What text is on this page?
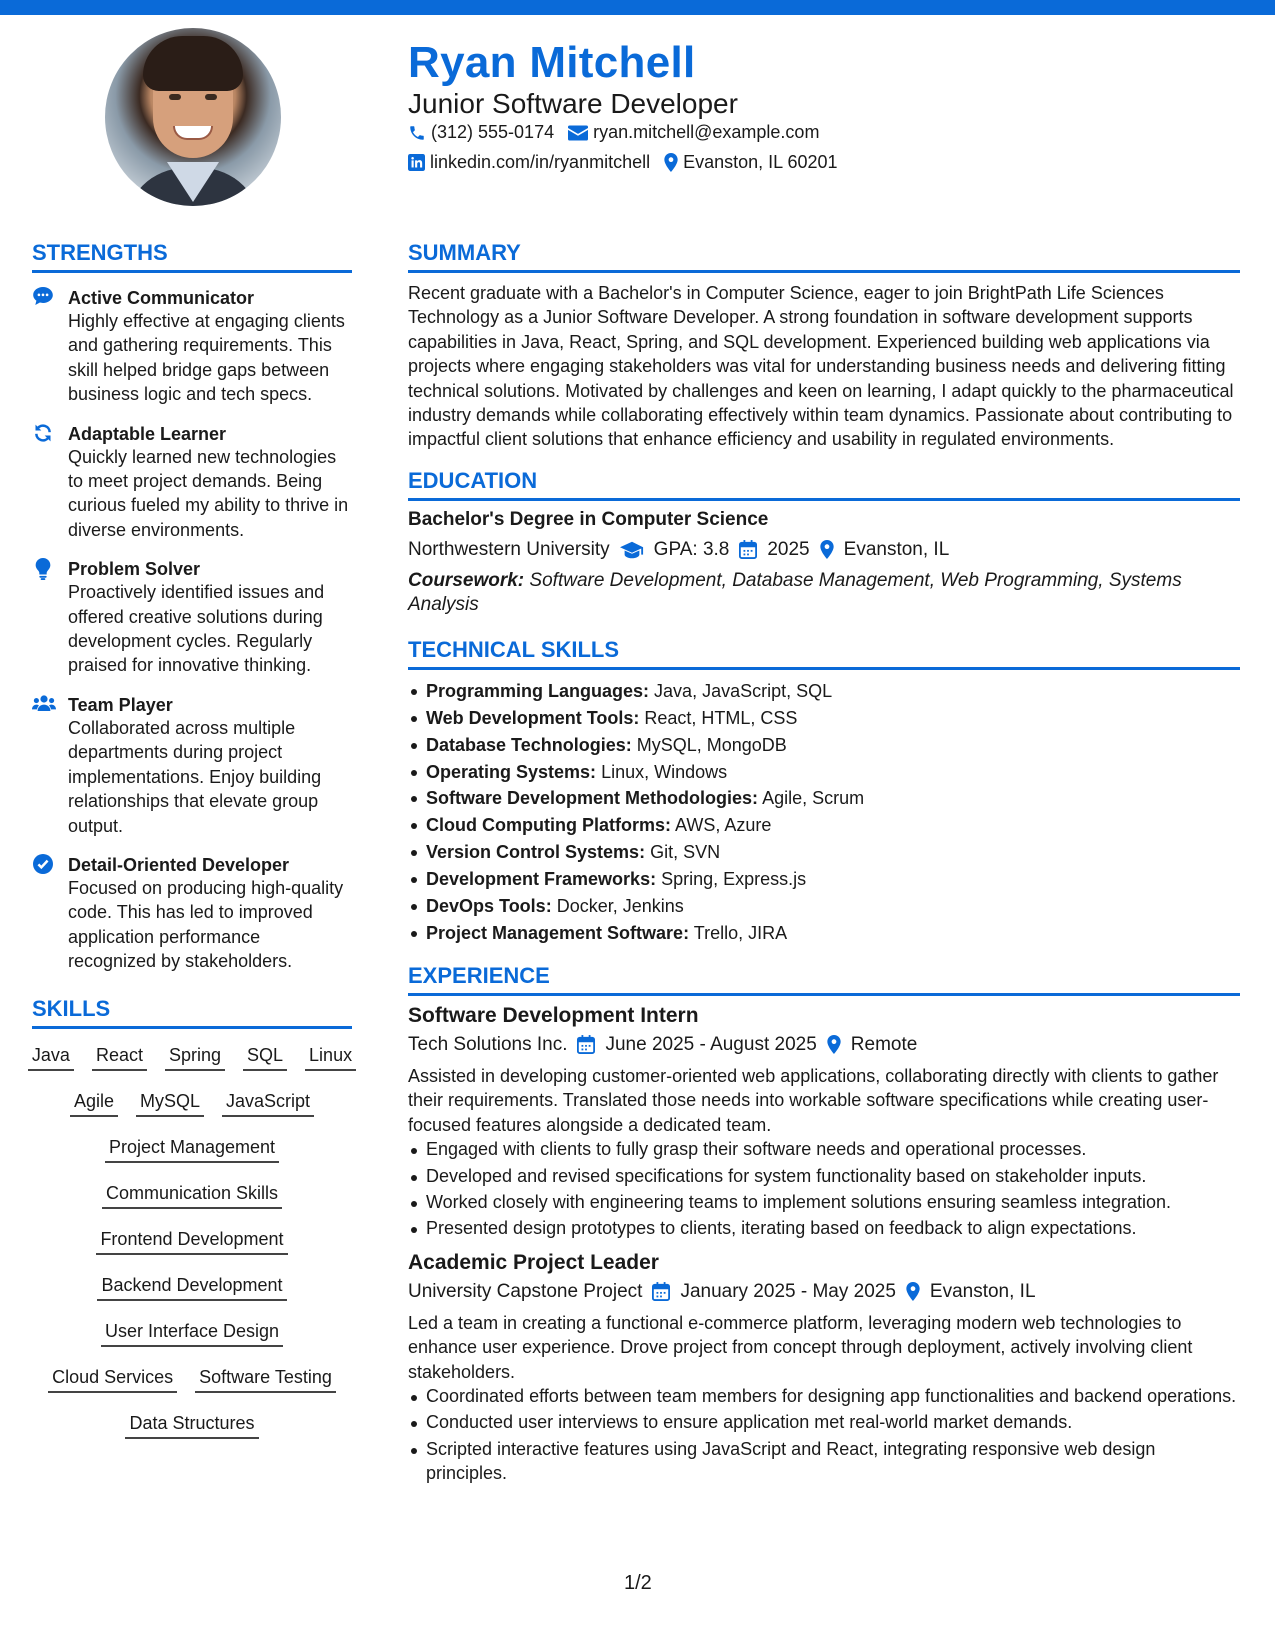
Ryan Mitchell
Junior Software Developer
(312) 555-0174 ryan.mitchell@example.com
linkedin.com/in/ryanmitchell Evanston, IL 60201
STRENGTHS
Active Communicator
Highly effective at engaging clients and gathering requirements. This skill helped bridge gaps between business logic and tech specs.
Adaptable Learner
Quickly learned new technologies to meet project demands. Being curious fueled my ability to thrive in diverse environments.
Problem Solver
Proactively identified issues and offered creative solutions during development cycles. Regularly praised for innovative thinking.
Team Player
Collaborated across multiple departments during project implementations. Enjoy building relationships that elevate group output.
Detail-Oriented Developer
Focused on producing high-quality code. This has led to improved application performance recognized by stakeholders.
SKILLS
Java React Spring SQL Linux
Agile MySQL JavaScript
Project Management
Communication Skills
Frontend Development
Backend Development
User Interface Design
Cloud Services Software Testing
Data Structures
SUMMARY
Recent graduate with a Bachelor's in Computer Science, eager to join BrightPath Life Sciences Technology as a Junior Software Developer. A strong foundation in software development supports capabilities in Java, React, Spring, and SQL development. Experienced building web applications via projects where engaging stakeholders was vital for understanding business needs and delivering fitting technical solutions. Motivated by challenges and keen on learning, I adapt quickly to the pharmaceutical industry demands while collaborating effectively within team dynamics. Passionate about contributing to impactful client solutions that enhance efficiency and usability in regulated environments.
EDUCATION
Bachelor's Degree in Computer Science
Northwestern University GPA: 3.8 2025 Evanston, IL
Coursework: Software Development, Database Management, Web Programming, Systems Analysis
TECHNICAL SKILLS
Programming Languages: Java, JavaScript, SQL
Web Development Tools: React, HTML, CSS
Database Technologies: MySQL, MongoDB
Operating Systems: Linux, Windows
Software Development Methodologies: Agile, Scrum
Cloud Computing Platforms: AWS, Azure
Version Control Systems: Git, SVN
Development Frameworks: Spring, Express.js
DevOps Tools: Docker, Jenkins
Project Management Software: Trello, JIRA
EXPERIENCE
Software Development Intern
Tech Solutions Inc. June 2025 - August 2025 Remote
Assisted in developing customer-oriented web applications, collaborating directly with clients to gather their requirements. Translated those needs into workable software specifications while creating user-focused features alongside a dedicated team.
Engaged with clients to fully grasp their software needs and operational processes.
Developed and revised specifications for system functionality based on stakeholder inputs.
Worked closely with engineering teams to implement solutions ensuring seamless integration.
Presented design prototypes to clients, iterating based on feedback to align expectations.
Academic Project Leader
University Capstone Project January 2025 - May 2025 Evanston, IL
Led a team in creating a functional e-commerce platform, leveraging modern web technologies to enhance user experience. Drove project from concept through deployment, actively involving client stakeholders.
Coordinated efforts between team members for designing app functionalities and backend operations.
Conducted user interviews to ensure application met real-world market demands.
Scripted interactive features using JavaScript and React, integrating responsive web design principles.
1/2
